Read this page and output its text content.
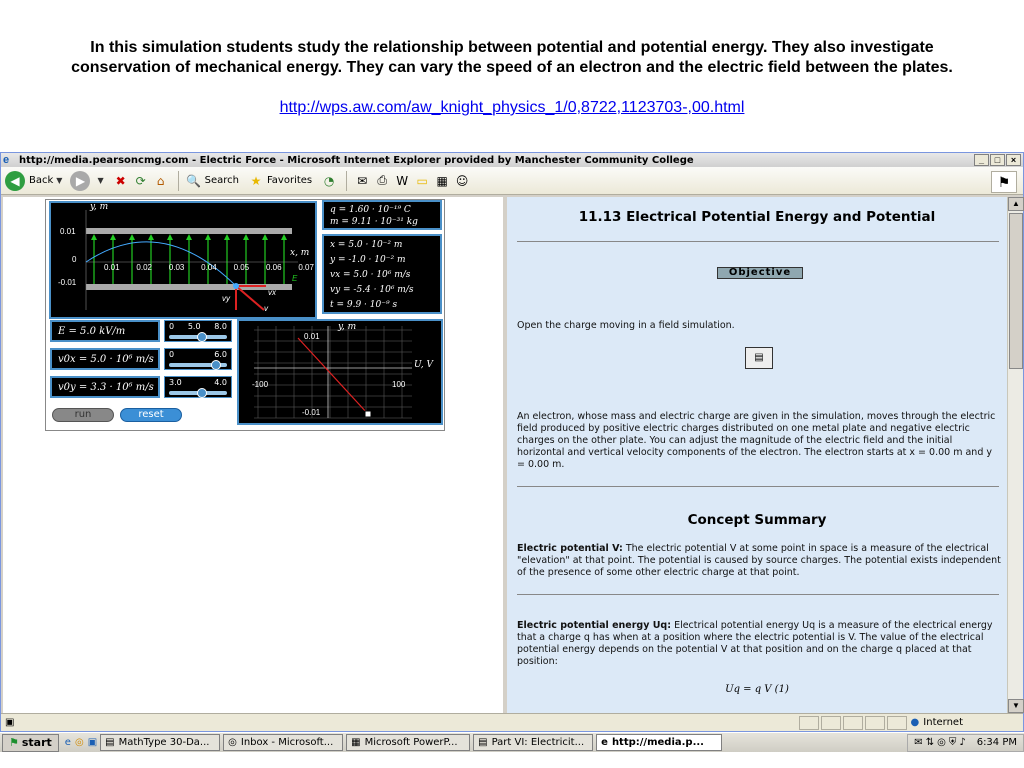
In this simulation students study the relationship between potential and potential energy. They also investigate conservation of mechanical energy. They can vary the speed of an electron and the electric field between the plates.
http://wps.aw.com/aw_knight_physics_1/0,8722,1123703-,00.html
e http://media.pearsoncmg.com - Electric Force - Microsoft Internet Explorer provided by Manchester Community College	_	□	×
◀ Back ▼	▶	▼ ✖ ⟳ ⌂	🔍 Search ★ Favorites ◔	✉ ⎙ W ▭ ▦ ☺	⚑
y, m
x, m
0.01
0
-0.01
0.01 0.02 0.03 0.04 0.05 0.06 0.07
vy
vx
v
E
q = 1.60 · 10⁻¹⁹ C
m = 9.11 · 10⁻³¹ kg
x = 5.0 · 10⁻² m
y = -1.0 · 10⁻² m
vx = 5.0 · 10⁶ m/s
vy = -5.4 · 10⁶ m/s
t = 9.9 · 10⁻⁹ s
E = 5.0 kV/m
v0x = 5.0 · 10⁶ m/s
v0y = 3.3 · 10⁶ m/s
0 5.0 8.0
0	6.0
3.0	4.0
run	reset
y, m
U, V
0.01
-0.01
-100	100
11.13 Electrical Potential Energy and Potential
Objective
Open the charge moving in a field simulation.
▤
An electron, whose mass and electric charge are given in the simulation, moves through the electric field produced by positive electric charges distributed on one metal plate and negative electric charges on the other plate. You can adjust the magnitude of the electric field and the initial horizontal and vertical velocity components of the electron. The electron starts at x = 0.00 m and y = 0.00 m.
Concept Summary
Electric potential V: The electric potential V at some point in space is a measure of the electrical "elevation" at that point. The potential is caused by source charges. The potential exists independent of the presence of some other electric charge at that point.
Electric potential energy Uq: Electrical potential energy Uq is a measure of the electrical energy that a charge q has when at a position where the electric potential is V. The value of the electrical potential energy depends on the potential V at that position and on the charge q placed at that position:
Uq = q V (1)
▲
▼
▣	● Internet
⚑ start e ◎ ▣ ▤ MathType 30-Da... ◎ Inbox - Microsoft... ▦ Microsoft PowerP... ▤ Part VI: Electricit... e http://media.p...	✉ ⇅ ◎ ⛨ ♪ 6:34 PM
